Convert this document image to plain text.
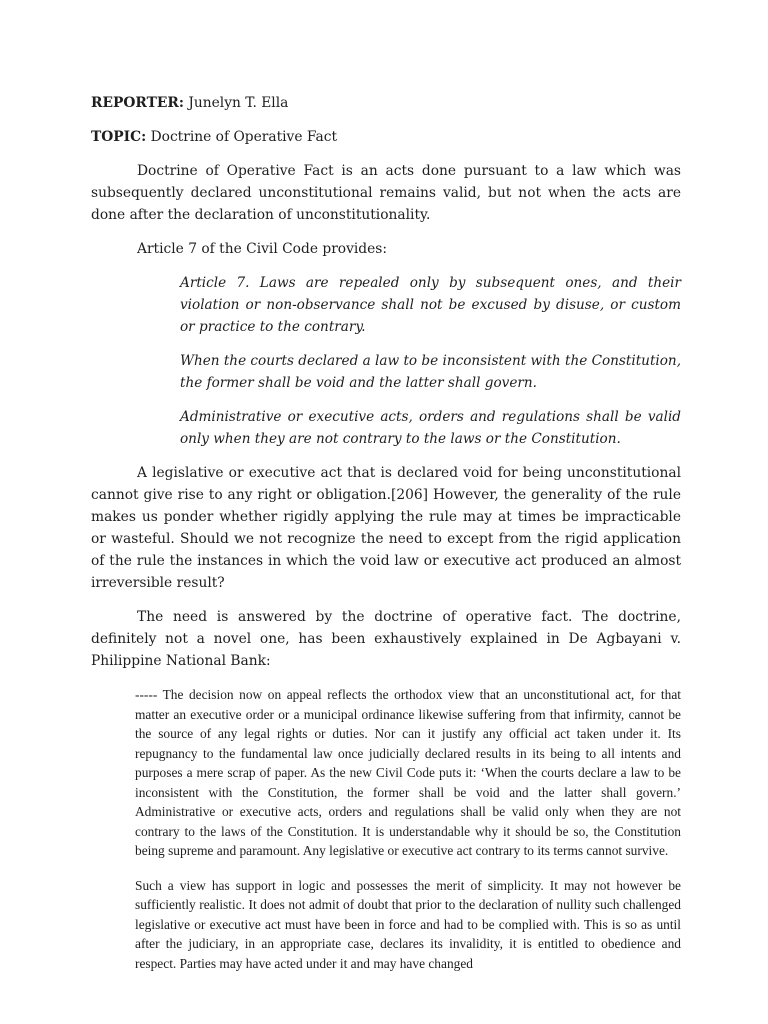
REPORTER: Junelyn T. Ella

TOPIC: Doctrine of Operative Fact

Doctrine of Operative Fact is an acts done pursuant to a law which was subsequently declared unconstitutional remains valid, but not when the acts are done after the declaration of unconstitutionality.

Article 7 of the Civil Code provides:

Article 7. Laws are repealed only by subsequent ones, and their violation or non-observance shall not be excused by disuse, or custom or practice to the contrary.

When the courts declared a law to be inconsistent with the Constitution, the former shall be void and the latter shall govern.

Administrative or executive acts, orders and regulations shall be valid only when they are not contrary to the laws or the Constitution.

A legislative or executive act that is declared void for being unconstitutional cannot give rise to any right or obligation.[206] However, the generality of the rule makes us ponder whether rigidly applying the rule may at times be impracticable or wasteful. Should we not recognize the need to except from the rigid application of the rule the instances in which the void law or executive act produced an almost irreversible result?

The need is answered by the doctrine of operative fact. The doctrine, definitely not a novel one, has been exhaustively explained in De Agbayani v. Philippine National Bank:

----- The decision now on appeal reflects the orthodox view that an unconstitutional act, for that matter an executive order or a municipal ordinance likewise suffering from that infirmity, cannot be the source of any legal rights or duties. Nor can it justify any official act taken under it. Its repugnancy to the fundamental law once judicially declared results in its being to all intents and purposes a mere scrap of paper. As the new Civil Code puts it: ‘When the courts declare a law to be inconsistent with the Constitution, the former shall be void and the latter shall govern.’ Administrative or executive acts, orders and regulations shall be valid only when they are not contrary to the laws of the Constitution. It is understandable why it should be so, the Constitution being supreme and paramount. Any legislative or executive act contrary to its terms cannot survive.

Such a view has support in logic and possesses the merit of simplicity. It may not however be sufficiently realistic. It does not admit of doubt that prior to the declaration of nullity such challenged legislative or executive act must have been in force and had to be complied with. This is so as until after the judiciary, in an appropriate case, declares its invalidity, it is entitled to obedience and respect. Parties may have acted under it and may have changed
